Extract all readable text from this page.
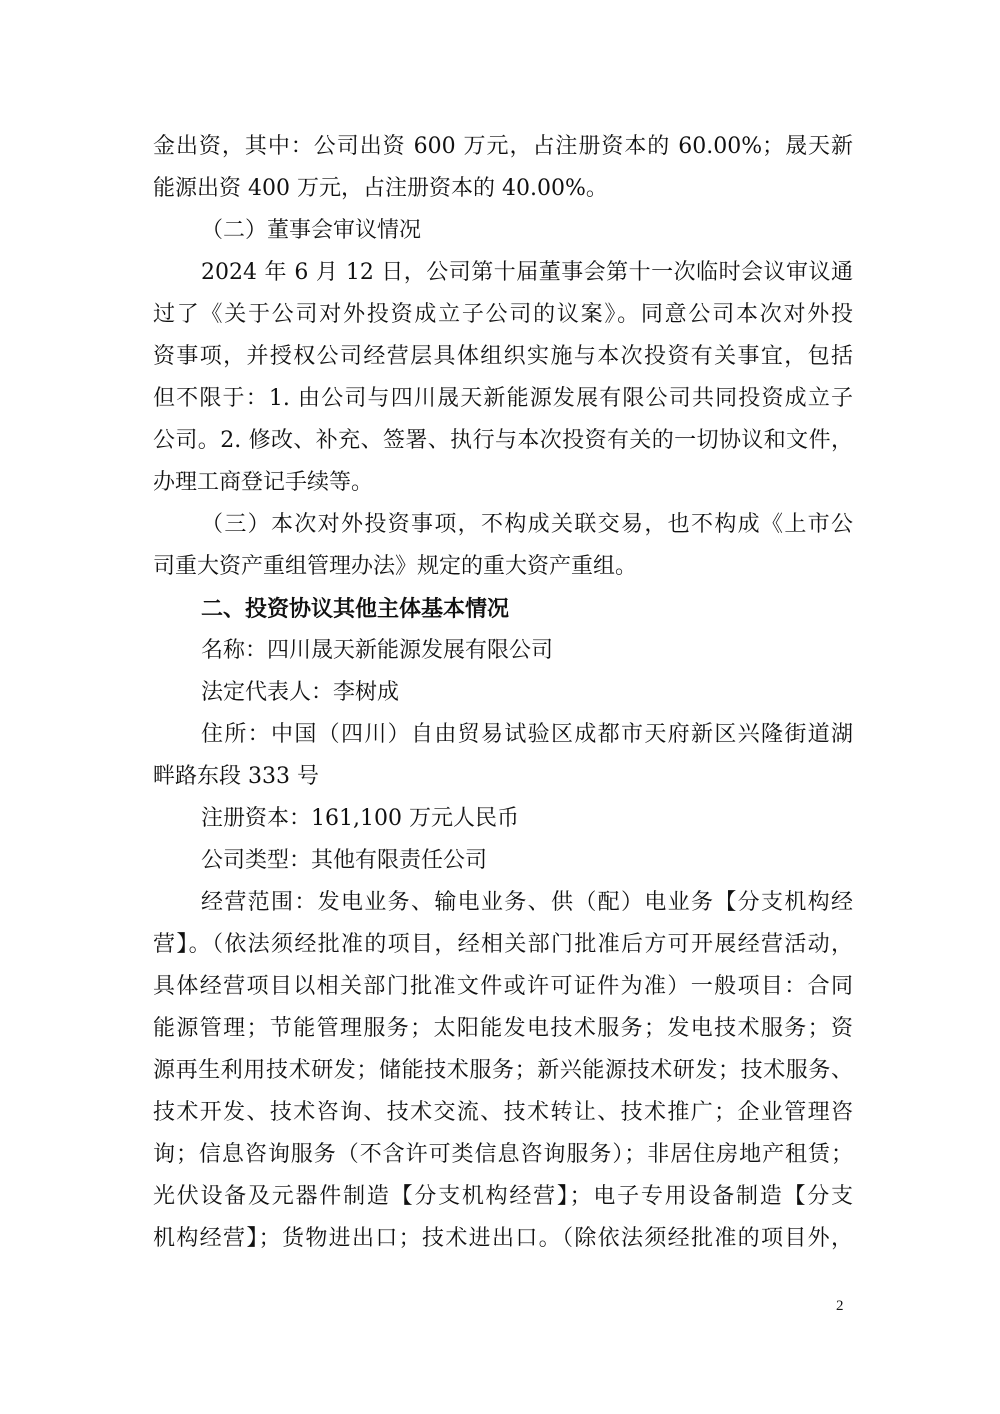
金出资，其中：公司出资 600 万元，占注册资本的 60.00%；晟天新

能源出资 400 万元，占注册资本的 40.00%。

（二）董事会审议情况

2024 年 6 月 12 日，公司第十届董事会第十一次临时会议审议通

过了《关于公司对外投资成立子公司的议案》。同意公司本次对外投

资事项，并授权公司经营层具体组织实施与本次投资有关事宜，包括

但不限于：1. 由公司与四川晟天新能源发展有限公司共同投资成立子

公司。2. 修改、补充、签署、执行与本次投资有关的一切协议和文件，

办理工商登记手续等。

（三）本次对外投资事项，不构成关联交易，也不构成《上市公

司重大资产重组管理办法》规定的重大资产重组。

二、投资协议其他主体基本情况

名称：四川晟天新能源发展有限公司

法定代表人：李树成

住所：中国（四川）自由贸易试验区成都市天府新区兴隆街道湖

畔路东段 333 号

注册资本：161,100 万元人民币

公司类型：其他有限责任公司

经营范围：发电业务、输电业务、供（配）电业务【分支机构经

营】。（依法须经批准的项目，经相关部门批准后方可开展经营活动，

具体经营项目以相关部门批准文件或许可证件为准）一般项目：合同

能源管理；节能管理服务；太阳能发电技术服务；发电技术服务；资

源再生利用技术研发；储能技术服务；新兴能源技术研发；技术服务、

技术开发、技术咨询、技术交流、技术转让、技术推广；企业管理咨

询；信息咨询服务（不含许可类信息咨询服务）；非居住房地产租赁；

光伏设备及元器件制造【分支机构经营】；电子专用设备制造【分支

机构经营】；货物进出口；技术进出口。（除依法须经批准的项目外，

2
